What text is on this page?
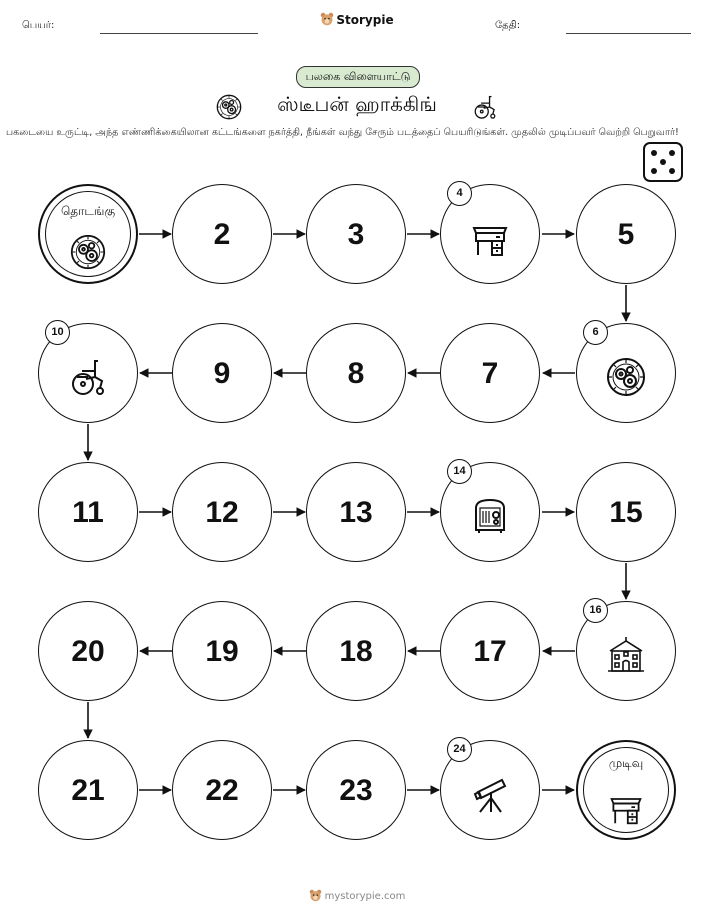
பெயர்:	Storypie	தேதி:
பலகை விளையாட்டு
ஸ்டீபன் ஹாக்கிங்
பகடையை உருட்டி, அந்த எண்ணிக்கையிலான கட்டங்களை நகர்த்தி, நீங்கள் வந்து சேரும் படத்தைப் பெயரிடுங்கள். முதலில் முடிப்பவர் வெற்றி பெறுவார்!
தொடங்கு
2	3
4
5
6
7
8
9
10
11	12	13
14
15
16
17
18
19
20
21	22	23
24
முடிவு
mystorypie.com
